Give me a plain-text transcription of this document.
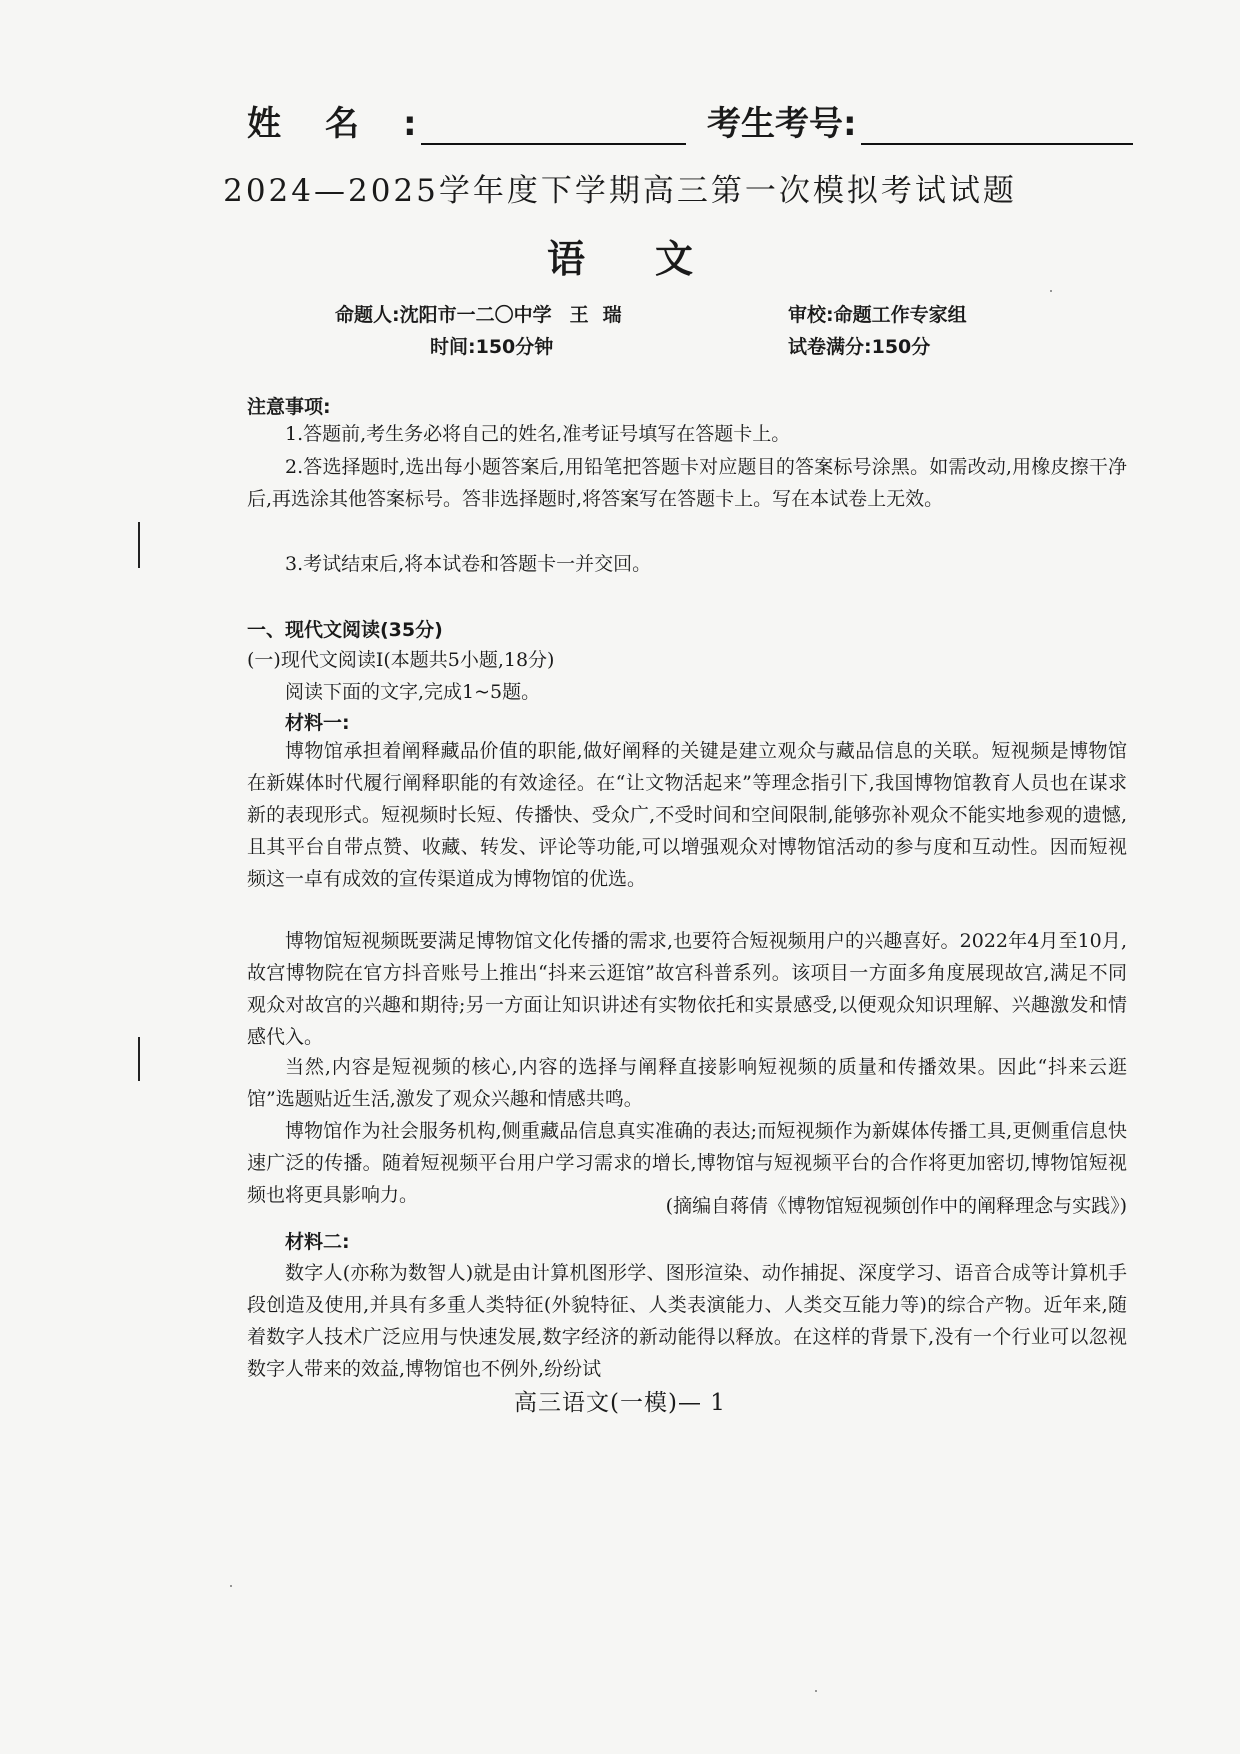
姓名:	考生考号:
2024—2025学年度下学期高三第一次模拟考试试题
语文
命题人:沈阳市一二〇中学 王瑞	审校:命题工作专家组
时间:150分钟	试卷满分:150分
注意事项:
1.答题前,考生务必将自己的姓名,准考证号填写在答题卡上。
2.答选择题时,选出每小题答案后,用铅笔把答题卡对应题目的答案标号涂黑。如需改动,用橡皮擦干净后,再选涂其他答案标号。答非选择题时,将答案写在答题卡上。写在本试卷上无效。
3.考试结束后,将本试卷和答题卡一并交回。
一、现代文阅读(35分)
(一)现代文阅读Ⅰ(本题共5小题,18分)
阅读下面的文字,完成1~5题。
材料一:
博物馆承担着阐释藏品价值的职能,做好阐释的关键是建立观众与藏品信息的关联。短视频是博物馆在新媒体时代履行阐释职能的有效途径。在“让文物活起来”等理念指引下,我国博物馆教育人员也在谋求新的表现形式。短视频时长短、传播快、受众广,不受时间和空间限制,能够弥补观众不能实地参观的遗憾,且其平台自带点赞、收藏、转发、评论等功能,可以增强观众对博物馆活动的参与度和互动性。因而短视频这一卓有成效的宣传渠道成为博物馆的优选。
博物馆短视频既要满足博物馆文化传播的需求,也要符合短视频用户的兴趣喜好。2022年4月至10月,故宫博物院在官方抖音账号上推出“抖来云逛馆”故宫科普系列。该项目一方面多角度展现故宫,满足不同观众对故宫的兴趣和期待;另一方面让知识讲述有实物依托和实景感受,以便观众知识理解、兴趣激发和情感代入。
当然,内容是短视频的核心,内容的选择与阐释直接影响短视频的质量和传播效果。因此“抖来云逛馆”选题贴近生活,激发了观众兴趣和情感共鸣。
博物馆作为社会服务机构,侧重藏品信息真实准确的表达;而短视频作为新媒体传播工具,更侧重信息快速广泛的传播。随着短视频平台用户学习需求的增长,博物馆与短视频平台的合作将更加密切,博物馆短视频也将更具影响力。	(摘编自蒋倩《博物馆短视频创作中的阐释理念与实践》)
材料二:
数字人(亦称为数智人)就是由计算机图形学、图形渲染、动作捕捉、深度学习、语音合成等计算机手段创造及使用,并具有多重人类特征(外貌特征、人类表演能力、人类交互能力等)的综合产物。近年来,随着数字人技术广泛应用与快速发展,数字经济的新动能得以释放。在这样的背景下,没有一个行业可以忽视数字人带来的效益,博物馆也不例外,纷纷试
高三语文(一模)— 1
